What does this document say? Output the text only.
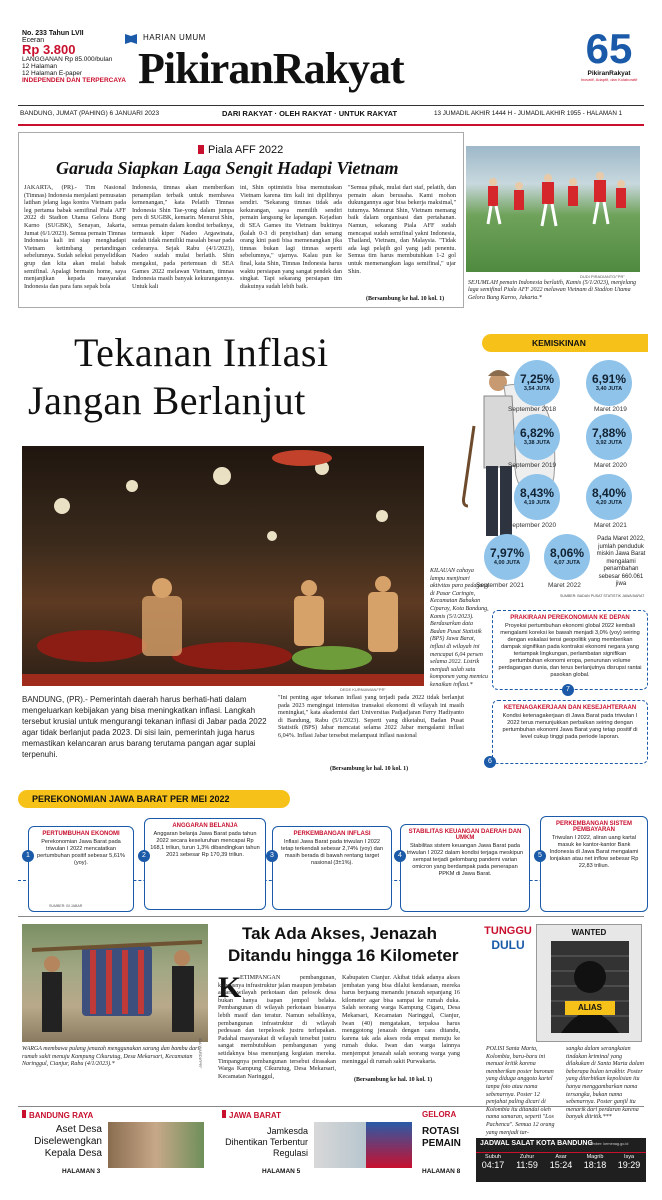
No. 233 Tahun LVII
Eceran
Rp 3.800
LANGGANAN Rp 85.000/bulan
12 Halaman
12 Halaman E-paper
INDEPENDEN DAN TERPERCAYA
HARIAN UMUM
PikiranRakyat	65
PikiranRakyat
Inovatif, Adaptif, dan Kolaboratif
BANDUNG, JUMAT (PAHING) 6 JANUARI 2023	DARI RAKYAT · OLEH RAKYAT · UNTUK RAKYAT	13 JUMADIL AKHIR 1444 H - JUMADIL AKHIR 1955 - HALAMAN 1
Piala AFF 2022
Garuda Siapkan Laga Sengit Hadapi Vietnam

JAKARTA, (PR).- Tim Nasional (Timnas) Indonesia menjalani pemusatan latihan jelang laga kontra Vietnam pada leg pertama babak semifinal Piala AFF 2022 di Stadion Utama Gelora Bung Karno (SUGBK), Senayan, Jakarta, Jumat (6/1/2023). Semua pemain Timnas Indonesia kali ini siap menghadapi Vietnam ketimbang pertandingan sebelumnya. Sudah seleksi penyelidikan grup dan kita akan mulai babak semifinal. Apalagi bermain home, saya menjanjikan kepada masyarakat Indonesia dan para fans sepak bola

Indonesia, timnas akan memberikan penampilan terbaik untuk membawa kemenangan," kata Pelatih Timnas Indonesia Shin Tae-yong dalam jumpa pers di SUGBK, kemarin. Menurut Shin, semua pemain dalam kondisi terbaiknya, termasuk kiper Nadeo Argawinata, sudah tidak memiliki masalah besar pada cederanya. Sejak Rabu (4/1/2023), Nadeo sudah mulai berlatih. Shin mengakui, pada pertemuan di SEA Games 2022 melawan Vietnam, timnas Indonesia masih banyak kekurangannya. Untuk kali

ini, Shin optimistis bisa memutuskan Vietnam karena tim kali ini dipilihnya sendiri. "Sekarang timnas tidak ada kekurangan, saya memilih sendiri pemain langsung ke lapangan. Kejadian di SEA Games itu Vietnam buktinya (kalah 0-3 di penyisihan) dan senang orang kini pasti bisa memenangkan jika timnas bukan lagi timnas seperti sebelumnya," ujarnya. Kalau pun ke final, kata Shin, Timnas Indonesia harus waktu persiapan yang sangat pendek dan singkat. Tapi sekarang persiapan tim diakuinya sudah lebih baik.

"Semua pihak, mulai dari staf, pelatih, dan pemain akan berusaha. Kami mohon dukungannya agar bisa bekerja maksimal," tuturnya. Menurut Shin, Vietnam memang baik dalam organisasi dan pertahanan. Namun, sekarang Piala AFF sudah mencapai sudah semifinal yakni Indonesia, Thailand, Vietnam, dan Malaysia. "Tidak ada lagi pelajih gol yang jadi penentu. Semua tim harus membutuhkan 1-2 gol untuk memenangkan laga semifinal," ujar Shin.

(Bersambung ke hal. 10 kol. 1)
DUDI PIRADIANTO/"PR"
SEJUMLAH pemain Indonesia berlatih, Kamis (5/1/2023), menjelang laga semifinal Piala AFF 2022 melawan Vietnam di Stadion Utama Gelora Bung Karno, Jakarta.*
Tekanan Inflasi
Jangan Berlanjut
DEDE KURNIAWAN/"PR"
KILAUAN cahaya lampu menjinari aktivitas para pedagang di Pasar Caringin, Kecamatan Babakan Ciparay, Kota Bandung, Kamis (5/1/2023). Berdasarkan data Badan Pusat Statistik (BPS) Jawa Barat, inflasi di wilayah ini mencapai 6,04 persen selama 2022. Listrik menjadi salah satu komponen yang memicu kenaikan inflasi.*
BANDUNG, (PR).- Pemerintah daerah harus berhati-hati dalam mengeluarkan kebijakan yang bisa meningkatkan inflasi. Langkah tersebut krusial untuk mengurangi tekanan inflasi di Jabar pada 2022 agar tidak berlanjut pada 2023. Di sisi lain, pemerintah juga harus memastikan kelancaran arus barang terutama pangan agar suplai terpenuhi.

"Ini penting agar tekanan inflasi yang terjadi pada 2022 tidak berlanjut pada 2023 mengingat intensitas transaksi ekonomi di wilayah ini masih meningkat," kata akademisi dari Universitas Padjadjaran Ferry Hadiyanto di Bandung, Rabu (5/1/2023). Seperti yang diketahui, Badan Pusat Statistik (BPS) Jabar mencatat selama 2022 Jabar mengalami inflasi 6,04%. Inflasi Jabar tersebut melampaui inflasi nasional

(Bersambung ke hal. 10 kol. 1)
KEMISKINAN
7,25%
3,54 JUTA
September 2018
6,91%
3,40 JUTA
Maret 2019
6,82%
3,38 JUTA
September 2019
7,88%
3,92 JUTA
Maret 2020
8,43%
4,19 JUTA
September 2020
8,40%
4,20 JUTA
Maret 2021
7,97%
4,00 JUTA
September 2021
8,06%
4,07 JUTA
Maret 2022
Pada Maret 2022, jumlah penduduk miskin Jawa Barat mengalami penambahan sebesar 660.061 jiwa
SUMBER: BADAN PUSAT STATISTIK JAWA BARAT
PRAKIRAAN PEREKONOMIAN KE DEPAN
Proyeksi pertumbuhan ekonomi global 2022 kembali mengalami koreksi ke bawah menjadi 3,0% (yoy) seiring dengan eskalasi tensi geopolitik yang memberikan dampak signifikan pada kontraksi ekonomi negara yang tertampak lingkungan, perlambatan signifikan pertumbuhan ekonomi eropa, penurunan volume perdagangan dunia, dan terus berlanjutnya disrupsi rantai pasokan global.
KETENAGAKERJAAN DAN KESEJAHTERAAN
Kondisi ketenagakerjaan di Jawa Barat pada triwulan I 2022 terus menunjukkan perbaikan seiring dengan pertumbuhan ekonomi Jawa Barat yang tetap positif di level cukup tinggi pada periode laporan.
7
6
PEREKONOMIAN JAWA BARAT PER MEI 2022
PERTUMBUHAN EKONOMI
Perekonomian Jawa Barat pada triwulan I 2022 mencatatkan pertumbuhan positif sebesar 5,61% (yoy).
SUMBER: BI JABAR
ANGGARAN BELANJA
Anggaran belanja Jawa Barat pada tahun 2022 secara keseluruhan mencapai Rp 168,1 triliun, turun 1,3% dibandingkan tahun 2021 sebesar Rp 170,39 triliun.
PERKEMBANGAN INFLASI
Inflasi Jawa Barat pada triwulan I 2022 tetap terkendali sebesar 2,74% (yoy) dan masih berada di bawah rentang target nasional (3±1%).
STABILITAS KEUANGAN DAERAH DAN UMKM
Stabilitas sistem keuangan Jawa Barat pada triwulan I 2022 dalam kondisi terjaga meskipun sempat terjadi gelombang pandemi varian omicron yang berdampak pada penerapan PPKM di Jawa Barat.
PERKEMBANGAN SISTEM PEMBAYARAN
Triwulan I 2022, aliran uang kartal masuk ke kantor-kantor Bank Indonesia di Jawa Barat mengalami lonjakan atau net inflow sebesar Rp 22,83 triliun.
1	2	3	4	5
IDA WARDI/"PR"
WARGA membawa pulang jenazah menggunakan sarung dan bambu dari rumah sakit menuju Kampung Cikurutug, Desa Mekarsari, Kecamatan Naringgul, Cianjur, Rabu (4/1/2023).*
Tak Ada Akses, Jenazah
Ditandu hingga 16 Kilometer
K

ETIMPANGAN pembangunan, khususnya infrastruktur jalan maupun jembatan antara wilayah perkotaan dan pelosok desa bukan hanya isapan jempol belaka. Pembangunan di wilayah perkotaan biasanya lebih masif dan teratur. Namun sebaliknya, pembangunan infrastruktur di wilayah pedesaan dan terpelosok justru terlupakan. Padahal masyarakat di wilayah tersebut justru sangat membutuhkan pembangunan yang setidaknya bisa menunjang kegiatan mereka. Timpangnya pembangunan tersebut dirasakan Warga Kampung Cikurutug, Desa Mekarsari, Kecamatan Naringgul,

Kabupaten Cianjur. Akibat tidak adanya akses jembatan yang bisa dilalui kendaraan, mereka harus berjuang menandu jenazah sepanjang 16 kilometer agar bisa sampai ke rumah duka. Salah seorang warga Kampung Cigaru, Desa Mekarsari, Kecamatan Naringgul, Cianjur, Iwan (40) mengatakan, terpaksa harus menggotong jenazah dengan cara ditandu, karena tak ada akses roda empat menuju ke rumah duka. Iwan dan warga lainnya menjemput jenazah salah seorang warga yang meninggal di rumah sakit Purwakarta.

(Bersambung ke hal. 10 kol. 1)
TUNGGU
DULU
WANTED
ALIAS
POLISI Santa Marta, Kolombia, baru-baru ini menuai kritik karena memberikan poster buronan yang diduga anggota kartel tanpa foto atau nama sebenarnya. Poster 12 penjahat paling dicari di Kolombia itu ditandai oleh nama samaran, seperti "Los Pachenca". Semua 12 orang yang menjadi tar-
sangka dalam serangkaian tindakan kriminal yang dilakukan di Santa Marta dalam beberapa bulan terakhir. Poster yang diterbitkan kepolisian itu hanya menggambarkan nama tersangka, bukan nama sebenarnya. Poster ganjil itu menarik dari perdaran karena banyak diiritik.***
BANDUNG RAYA
Aset Desa Diselewengkan Kepala Desa
HALAMAN 3
JAWA BARAT
Jamkesda Dihentikan Terbentur Regulasi
HALAMAN 5
GELORA
ROTASI PEMAIN
HALAMAN 8
JADWAL SALAT KOTA BANDUNG
Sumber: kemenag.go.id
Subuh
04:17
Zuhur
11:59
Asar
15:24
Magrib
18:18
Isya
19:29
